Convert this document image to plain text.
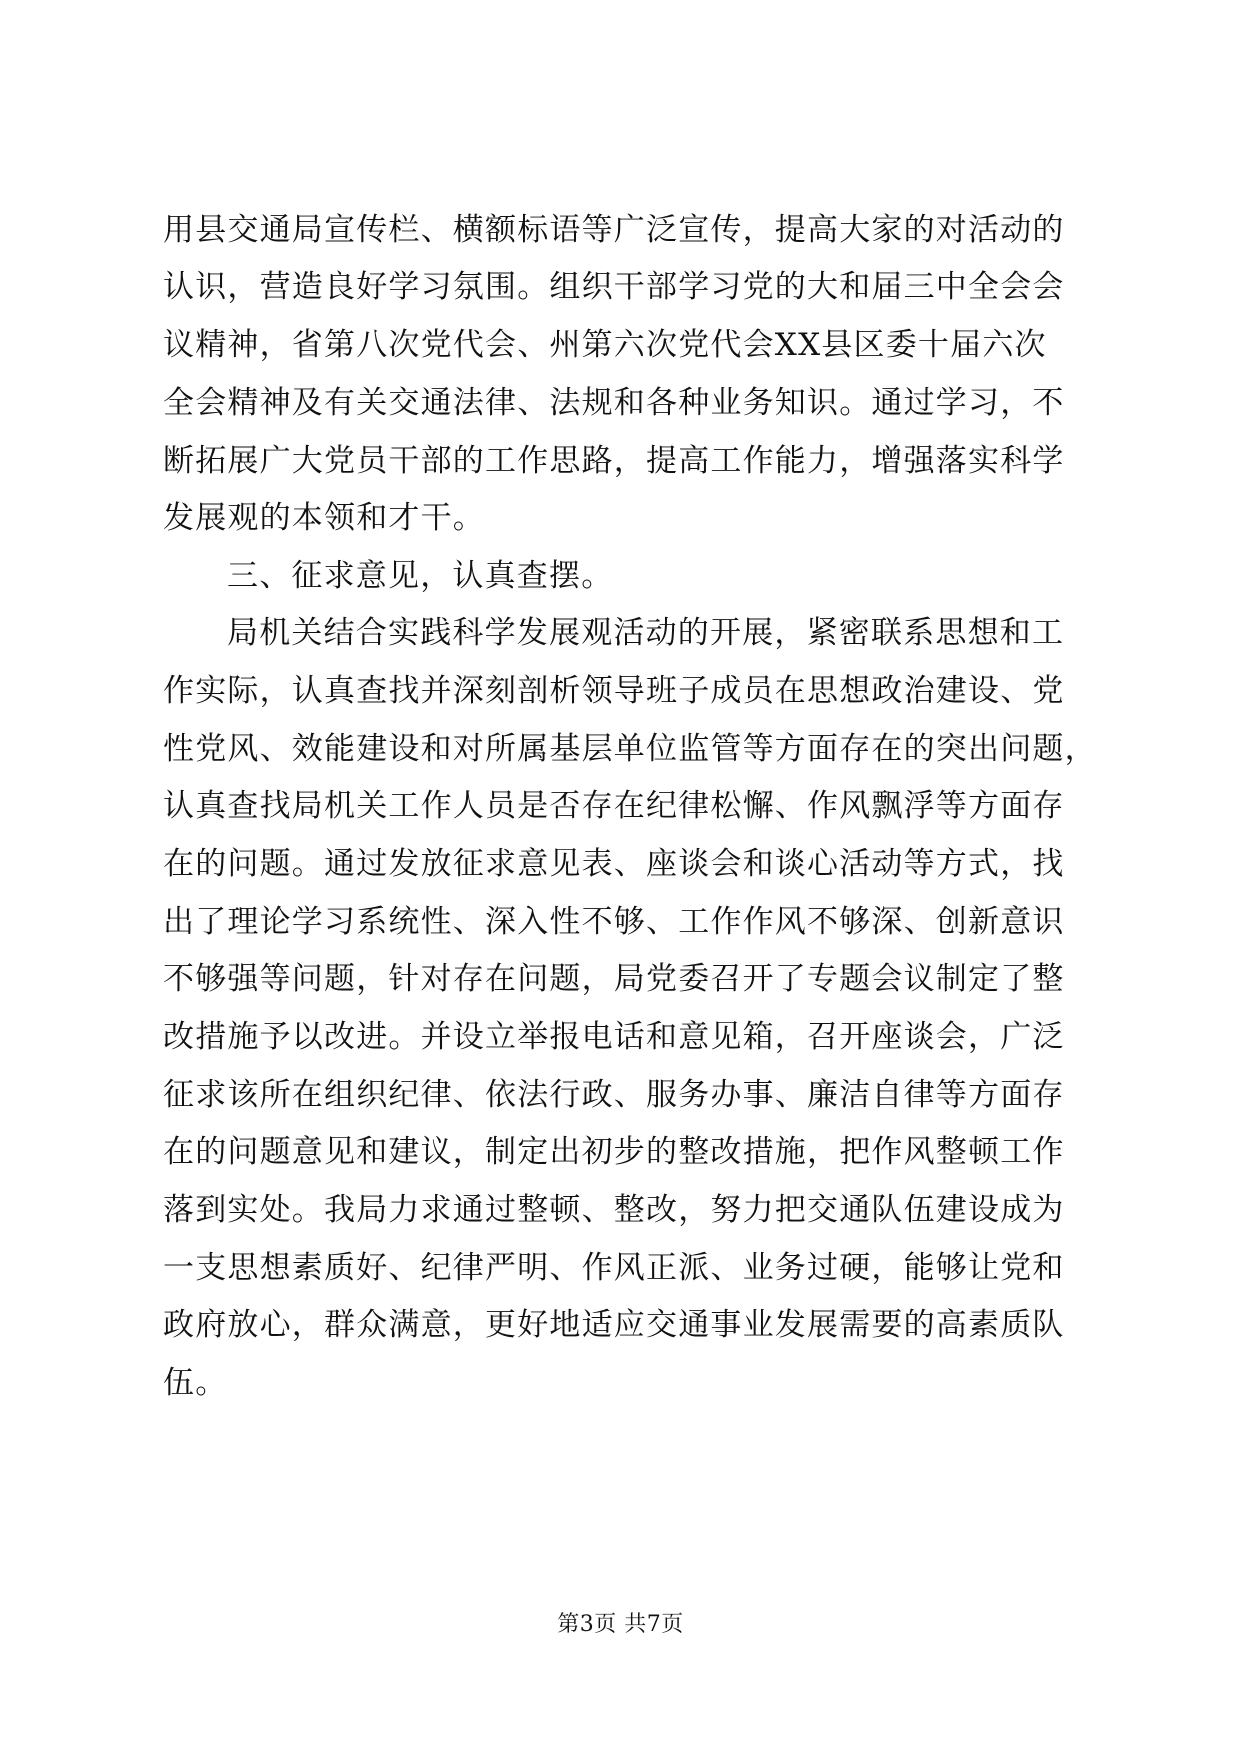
用县交通局宣传栏、横额标语等广泛宣传，提高大家的对活动的
认识，营造良好学习氛围。组织干部学习党的大和届三中全会会
议精神，省第八次党代会、州第六次党代会XX县区委十届六次
全会精神及有关交通法律、法规和各种业务知识。通过学习，不
断拓展广大党员干部的工作思路，提高工作能力，增强落实科学
发展观的本领和才干。
三、征求意见，认真查摆。
局机关结合实践科学发展观活动的开展，紧密联系思想和工
作实际，认真查找并深刻剖析领导班子成员在思想政治建设、党
性党风、效能建设和对所属基层单位监管等方面存在的突出问题，
认真查找局机关工作人员是否存在纪律松懈、作风飘浮等方面存
在的问题。通过发放征求意见表、座谈会和谈心活动等方式，找
出了理论学习系统性、深入性不够、工作作风不够深、创新意识
不够强等问题，针对存在问题，局党委召开了专题会议制定了整
改措施予以改进。并设立举报电话和意见箱，召开座谈会，广泛
征求该所在组织纪律、依法行政、服务办事、廉洁自律等方面存
在的问题意见和建议，制定出初步的整改措施，把作风整顿工作
落到实处。我局力求通过整顿、整改，努力把交通队伍建设成为
一支思想素质好、纪律严明、作风正派、业务过硬，能够让党和
政府放心，群众满意，更好地适应交通事业发展需要的高素质队
伍。
第3页 共7页
